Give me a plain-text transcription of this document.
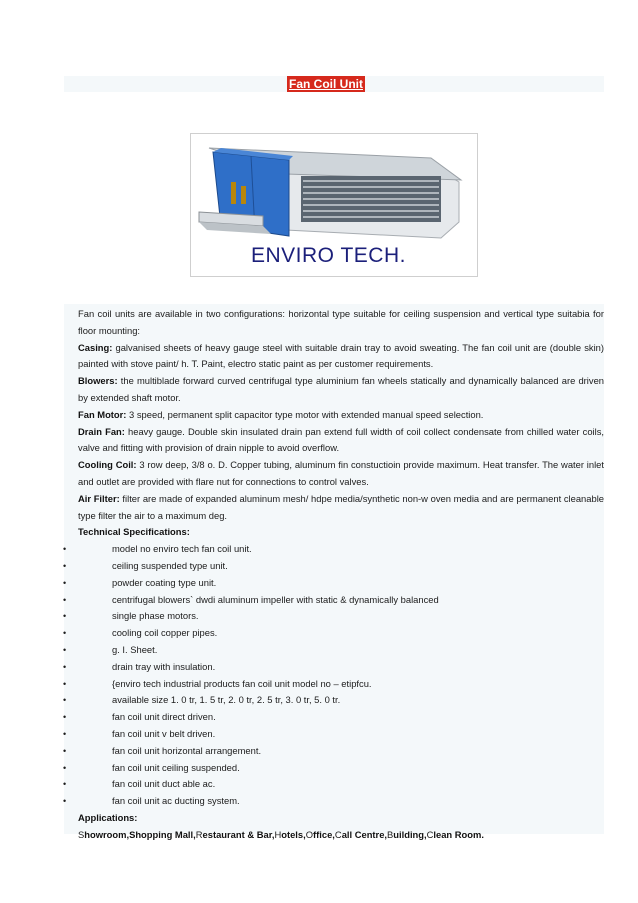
Fan Coil Unit
ENVIRO TECH.

Fan coil units are available in two configurations: horizontal type suitable for ceiling suspension and vertical type suitabia for floor mounting:

Casing: galvanised sheets of heavy gauge steel with suitable drain tray to avoid sweating. The fan coil unit are (double skin) painted with stove paint/ h. T. Paint, electro static paint as per customer requirements.

Blowers: the multiblade forward curved centrifugal type aluminium fan wheels statically and dynamically balanced are driven by extended shaft motor.

Fan Motor: 3 speed, permanent split capacitor type motor with extended manual speed selection.

Drain Fan: heavy gauge. Double skin insulated drain pan extend full width of coil collect condensate from chilled water coils, valve and fitting with provision of drain nipple to avoid overflow.

Cooling Coil: 3 row deep, 3/8 o. D. Copper tubing, aluminum fin constuctioin provide maximum. Heat transfer. The water inlet and outlet are provided with flare nut for connections to control valves.

Air Filter: filter are made of expanded aluminum mesh/ hdpe media/synthetic non-w oven media and are permanent cleanable type filter the air to a maximum deg.

Technical Specifications:

•	model no enviro tech fan coil unit.
•	ceiling suspended type unit.
•	powder coating type unit.
•	centrifugal blowers` dwdi aluminum impeller with static & dynamically balanced
•	single phase motors.
•	cooling coil copper pipes.
•	g. I. Sheet.
•	drain tray with insulation.
•	{enviro tech industrial products fan coil unit model no – etipfcu.
•	available size 1. 0 tr, 1. 5 tr, 2. 0 tr, 2. 5 tr, 3. 0 tr, 5. 0 tr.
•	fan coil unit direct driven.
•	fan coil unit v belt driven.
•	fan coil unit horizontal arrangement.
•	fan coil unit ceiling suspended.
•	fan coil unit duct able ac.
•	fan coil unit ac ducting system.

Applications:

Showroom,Shopping Mall,Restaurant & Bar,Hotels,Office,Call Centre,Building,Clean Room.
